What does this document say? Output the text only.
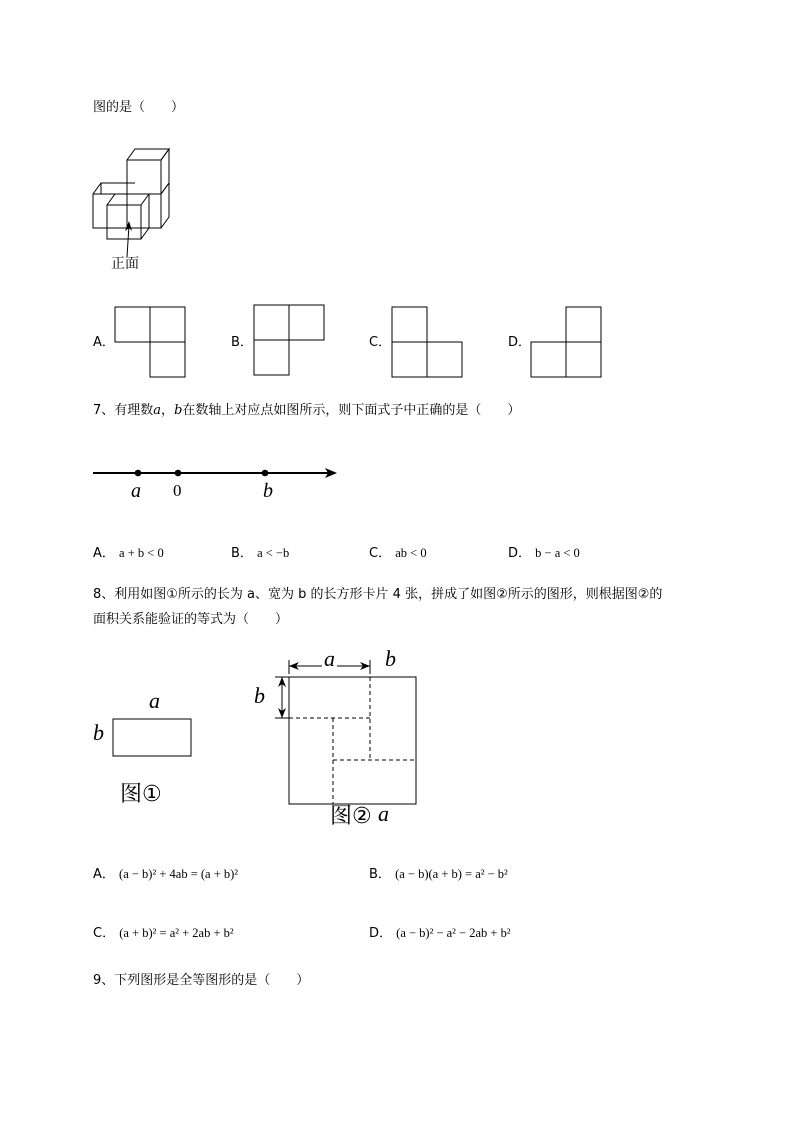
图的是（　　）
正面
A．	B．	C．	D．
7、有理数a，b在数轴上对应点如图所示，则下面式子中正确的是（　　）
a 0	b
A． a + b < 0	B． a < −b	C． ab < 0	D． b − a < 0
8、利用如图①所示的长为 a、宽为 b 的长方形卡片 4 张，拼成了如图②所示的图形，则根据图②的
面积关系能验证的等式为（　　）
a
b
图①
a b
b
图② a
A． (a − b)² + 4ab = (a + b)²	B． (a − b)(a + b) = a² − b²
C． (a + b)² = a² + 2ab + b²	D． (a − b)² − a² − 2ab + b²
9、下列图形是全等图形的是（　　）
